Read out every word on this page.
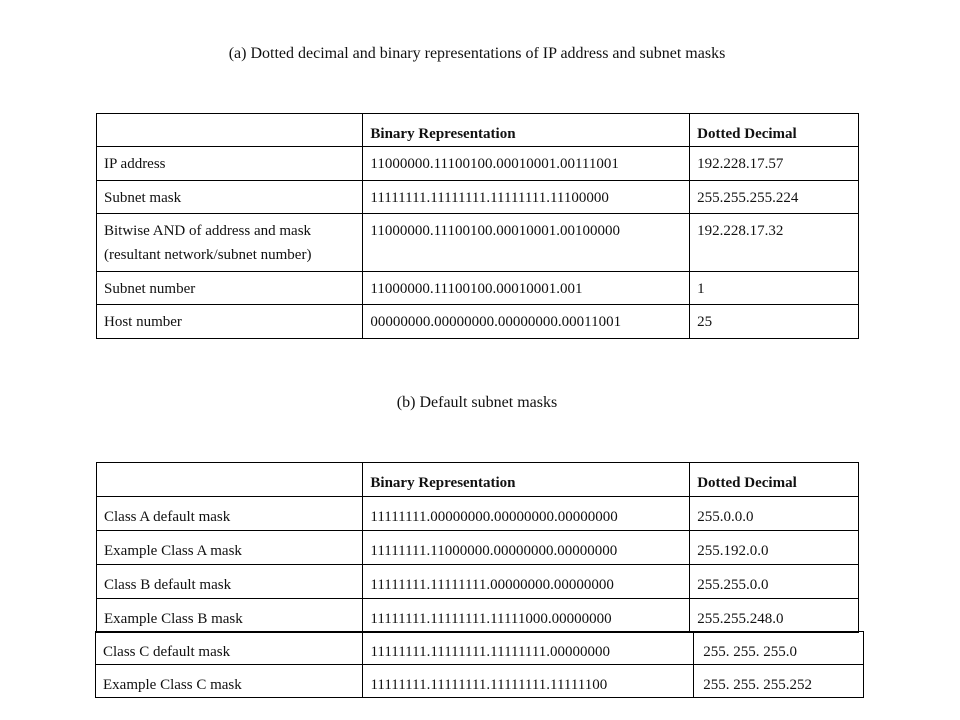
(a) Dotted decimal and binary representations of IP address and subnet masks
	Binary Representation	Dotted Decimal
IP address	11000000.11100100.00010001.00111001	192.228.17.57
Subnet mask	11111111.11111111.11111111.11100000	255.255.255.224

Bitwise AND of address and mask
(resultant network/subnet number)	11000000.11100100.00010001.00100000	192.228.17.32
Subnet number	11000000.11100100.00010001.001	1
Host number	00000000.00000000.00000000.00011001	25
(b) Default subnet masks
	Binary Representation	Dotted Decimal
Class A default mask	11111111.00000000.00000000.00000000	255.0.0.0
Example Class A mask	11111111.11000000.00000000.00000000	255.192.0.0
Class B default mask	11111111.11111111.00000000.00000000	255.255.0.0
Example Class B mask	11111111.11111111.11111000.00000000	255.255.248.0
Class C default mask	11111111.11111111.11111111.00000000	255. 255. 255.0
Example Class C mask	11111111.11111111.11111111.11111100	255. 255. 255.252
